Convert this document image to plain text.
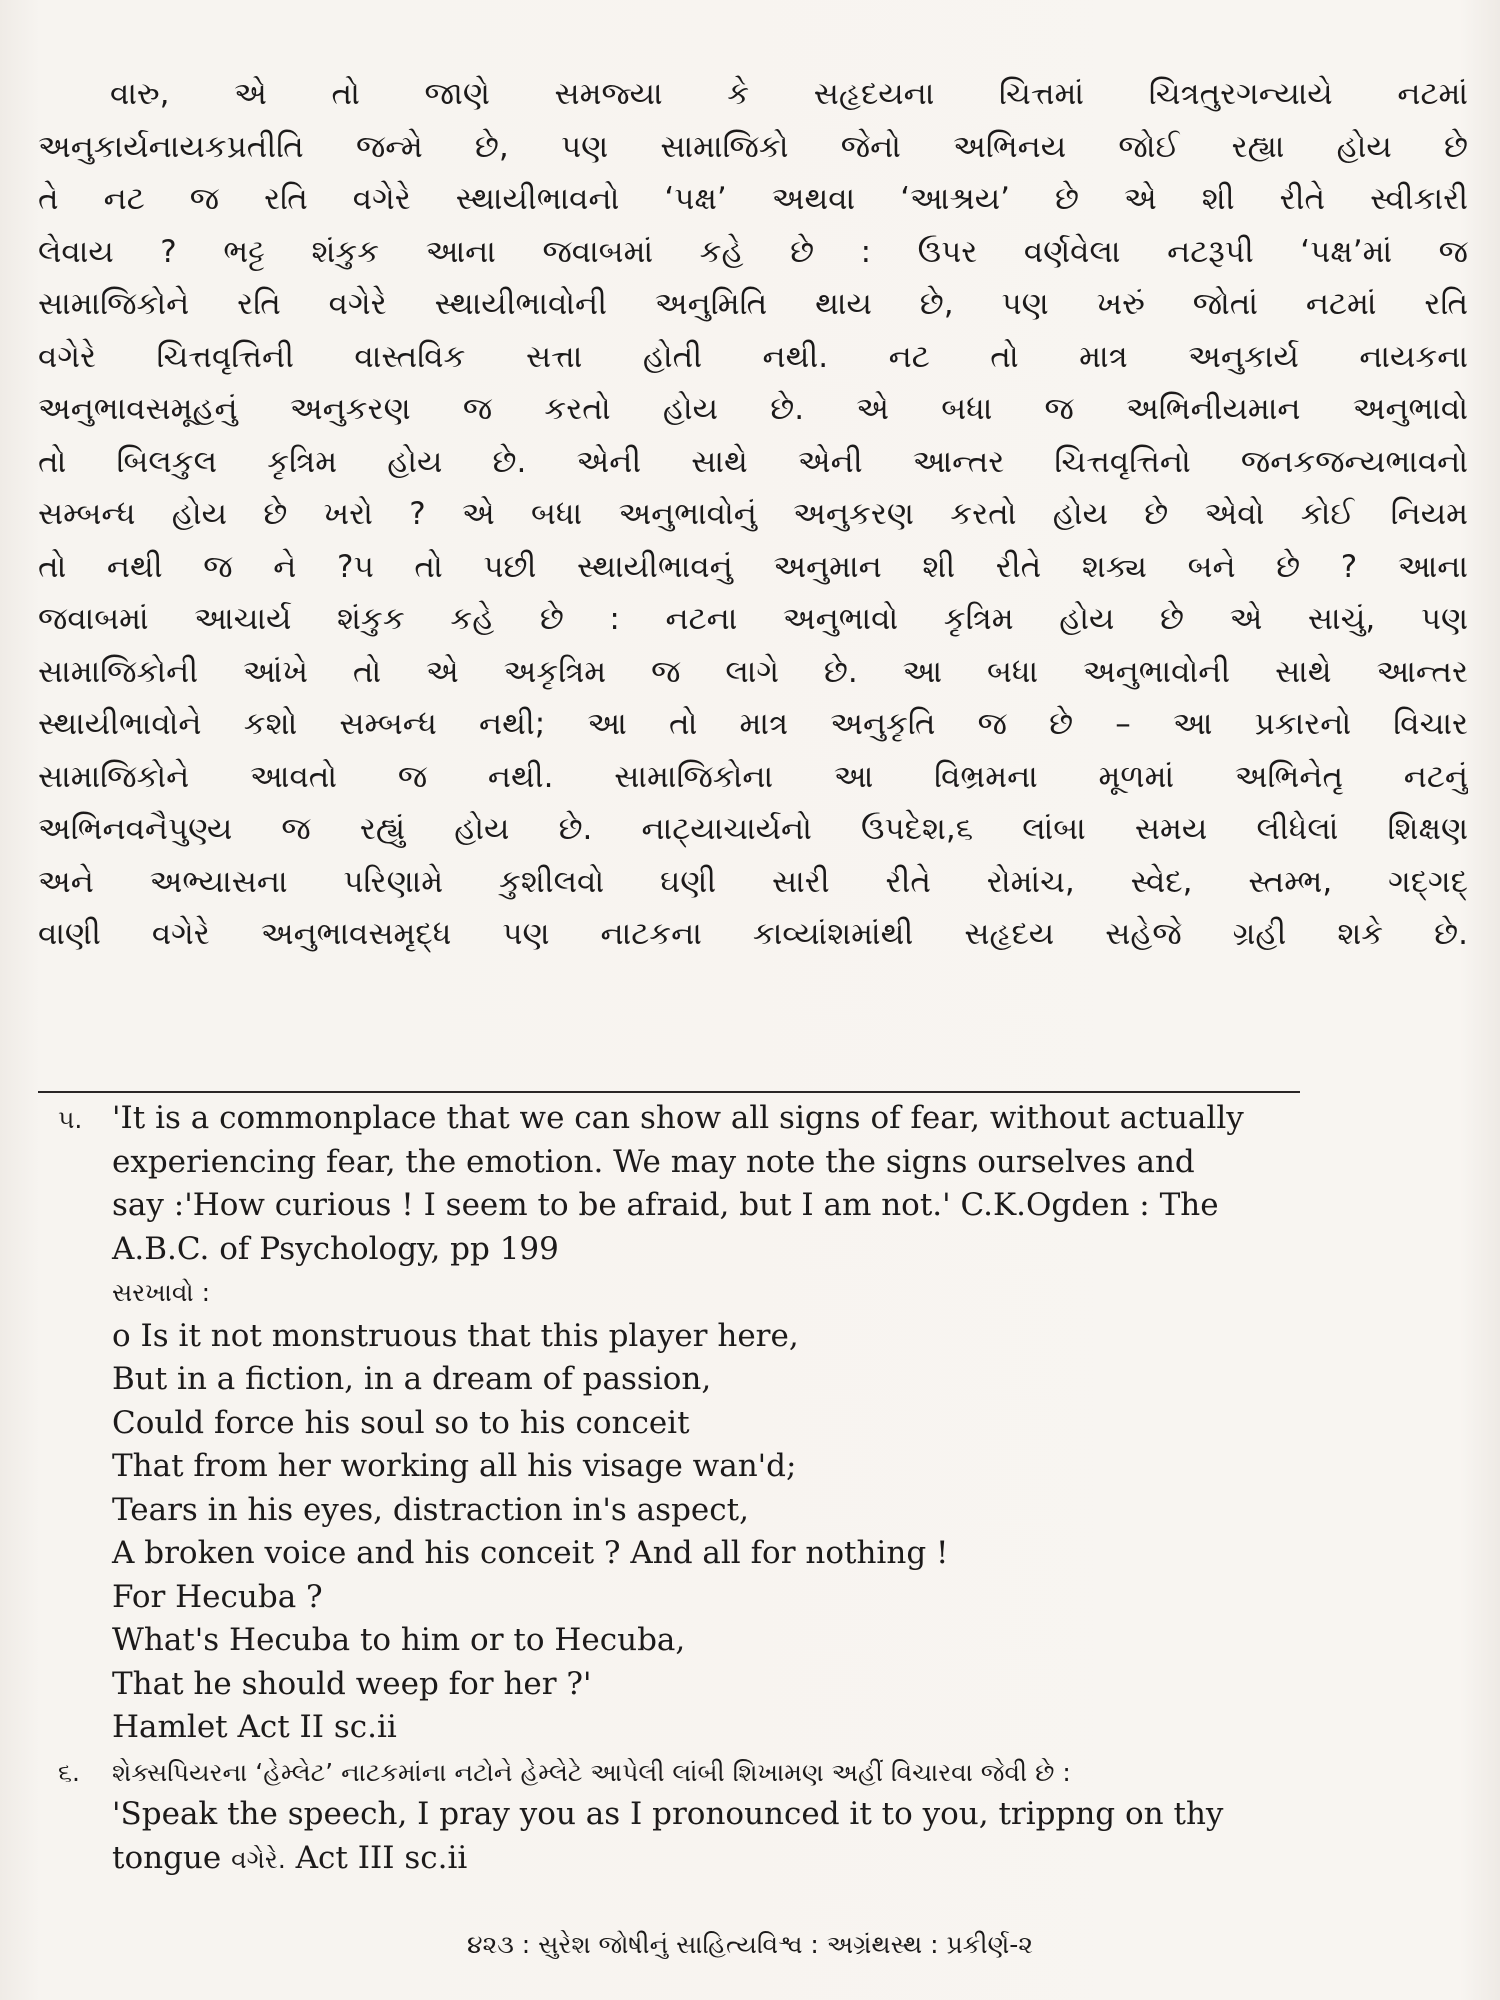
વારુ, એ તો જાણે સમજ્યા કે સહૃદયના ચિત્તમાં ચિત્રતુરગન્યાયે નટમાં
અનુકાર્યનાયકપ્રતીતિ જન્મે છે, પણ સામાજિકો જેનો અભિનય જોઈ રહ્યા હોય છે
તે નટ જ રતિ વગેરે સ્થાયીભાવનો ‘પક્ષ’ અથવા ‘આશ્રય’ છે એ શી રીતે સ્વીકારી
લેવાય ? ભટ્ટ શંકુક આના જવાબમાં કહે છે : ઉપર વર્ણવેલા નટરૂપી ‘પક્ષ’માં જ
સામાજિકોને રતિ વગેરે સ્થાયીભાવોની અનુમિતિ થાય છે, પણ ખરું જોતાં નટમાં રતિ
વગેરે ચિત્તવૃત્તિની વાસ્તવિક સત્તા હોતી નથી. નટ તો માત્ર અનુકાર્ય નાયકના
અનુભાવસમૂહનું અનુકરણ જ કરતો હોય છે. એ બધા જ અભિનીયમાન અનુભાવો
તો બિલકુલ કૃત્રિમ હોય છે. એની સાથે એની આન્તર ચિત્તવૃત્તિનો જનકજન્યભાવનો
સમ્બન્ધ હોય છે ખરો ? એ બધા અનુભાવોનું અનુકરણ કરતો હોય છે એવો કોઈ નિયમ
તો નથી જ ને ?૫ તો પછી સ્થાયીભાવનું અનુમાન શી રીતે શક્ય બને છે ? આના
જવાબમાં આચાર્ય શંકુક કહે છે : નટના અનુભાવો કૃત્રિમ હોય છે એ સાચું, પણ
સામાજિકોની આંખે તો એ અકૃત્રિમ જ લાગે છે. આ બધા અનુભાવોની સાથે આન્તર
સ્થાયીભાવોને કશો સમ્બન્ધ નથી; આ તો માત્ર અનુકૃતિ જ છે – આ પ્રકારનો વિચાર
સામાજિકોને આવતો જ નથી. સામાજિકોના આ વિભ્રમના મૂળમાં અભિનેતૃ નટનું
અભિનવનૈપુણ્ય જ રહ્યું હોય છે. નાટ્યાચાર્યનો ઉપદેશ,૬ લાંબા સમય લીધેલાં શિક્ષણ
અને અભ્યાસના પરિણામે કુશીલવો ઘણી સારી રીતે રોમાંચ, સ્વેદ, સ્તમ્ભ, ગદ્ગદ્
વાણી વગેરે અનુભાવસમૃદ્ધ પણ નાટકના કાવ્યાંશમાંથી સહૃદય સહેજે ગ્રહી શકે છે.
૫. 'It is a commonplace that we can show all signs of fear, without actually
experiencing fear, the emotion. We may note the signs ourselves and
say :'How curious ! I seem to be afraid, but I am not.' C.K.Ogden : The
A.B.C. of Psychology, pp 199
સરખાવો :
o Is it not monstruous that this player here,
But in a fiction, in a dream of passion,
Could force his soul so to his conceit
That from her working all his visage wan'd;
Tears in his eyes, distraction in's aspect,
A broken voice and his conceit ? And all for nothing !
For Hecuba ?
What's Hecuba to him or to Hecuba,
That he should weep for her ?'
Hamlet Act II sc.ii
૬. શેક્સપિયરના ‘હેમ્લેટ’ નાટકમાંના નટોને હેમ્લેટે આપેલી લાંબી શિખામણ અહીં વિચારવા જેવી છે :
'Speak the speech, I pray you as I pronounced it to you, trippng on thy
tongue વગેરે. Act III sc.ii
૪૨૩ : સુરેશ જોષીનું સાહિત્યવિશ્વ : અગ્રંથસ્થ : પ્રકીર્ણ-૨
